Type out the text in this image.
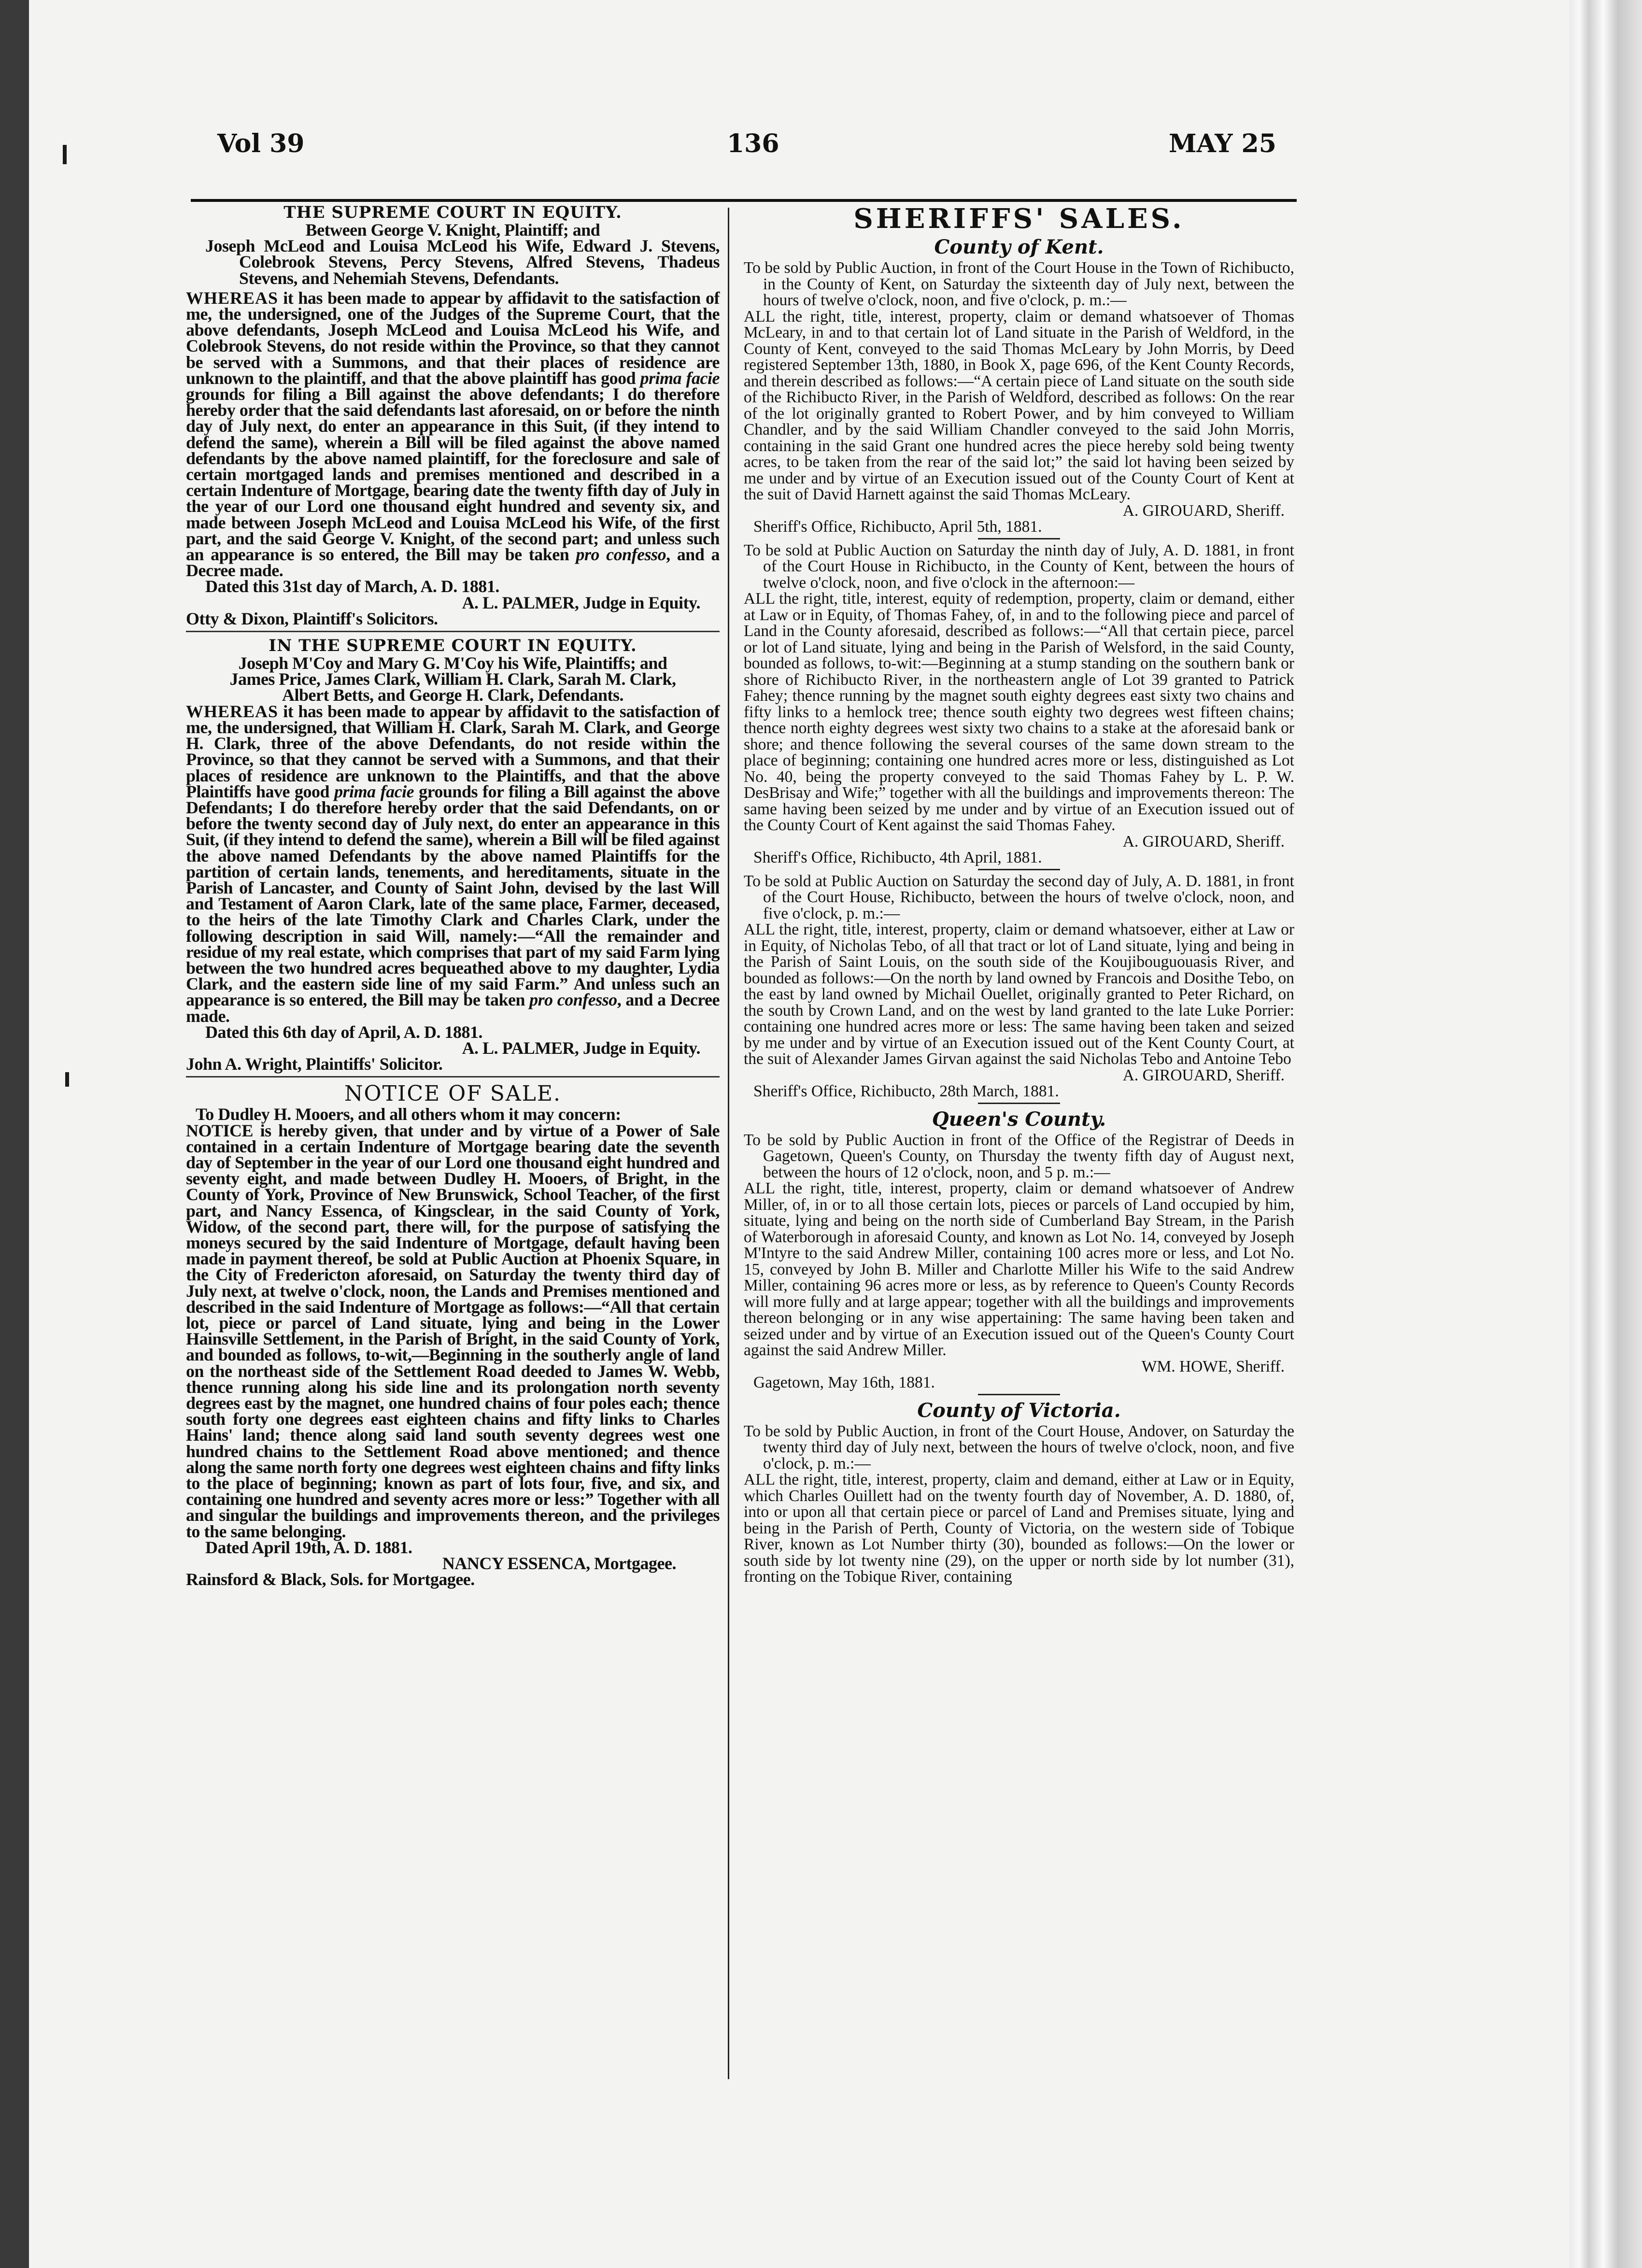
Vol 39	136	MAY 25

THE SUPREME COURT IN EQUITY.

Between George V. Knight, Plaintiff; and

Joseph McLeod and Louisa McLeod his Wife, Edward J. Stevens, Colebrook Stevens, Percy Stevens, Alfred Stevens, Thadeus Stevens, and Nehemiah Stevens, Defendants.

WHEREAS it has been made to appear by affidavit to the satisfaction of me, the undersigned, one of the Judges of the Supreme Court, that the above defendants, Joseph McLeod and Louisa McLeod his Wife, and Colebrook Stevens, do not reside within the Province, so that they cannot be served with a Summons, and that their places of residence are unknown to the plaintiff, and that the above plaintiff has good prima facie grounds for filing a Bill against the above defendants; I do therefore hereby order that the said defendants last aforesaid, on or before the ninth day of July next, do enter an appearance in this Suit, (if they intend to defend the same), wherein a Bill will be filed against the above named defendants by the above named plaintiff, for the foreclosure and sale of certain mortgaged lands and premises mentioned and described in a certain Indenture of Mortgage, bearing date the twenty fifth day of July in the year of our Lord one thousand eight hundred and seventy six, and made between Joseph McLeod and Louisa McLeod his Wife, of the first part, and the said George V. Knight, of the second part; and unless such an appearance is so entered, the Bill may be taken pro confesso, and a Decree made.

Dated this 31st day of March, A. D. 1881.

A. L. PALMER, Judge in Equity.

Otty & Dixon, Plaintiff's Solicitors.

IN THE SUPREME COURT IN EQUITY.

Joseph M'Coy and Mary G. M'Coy his Wife, Plaintiffs; and

James Price, James Clark, William H. Clark, Sarah M. Clark, Albert Betts, and George H. Clark, Defendants.

WHEREAS it has been made to appear by affidavit to the satisfaction of me, the undersigned, that William H. Clark, Sarah M. Clark, and George H. Clark, three of the above Defendants, do not reside within the Province, so that they cannot be served with a Summons, and that their places of residence are unknown to the Plaintiffs, and that the above Plaintiffs have good prima facie grounds for filing a Bill against the above Defendants; I do therefore hereby order that the said Defendants, on or before the twenty second day of July next, do enter an appearance in this Suit, (if they intend to defend the same), wherein a Bill will be filed against the above named Defendants by the above named Plaintiffs for the partition of certain lands, tenements, and hereditaments, situate in the Parish of Lancaster, and County of Saint John, devised by the last Will and Testament of Aaron Clark, late of the same place, Farmer, deceased, to the heirs of the late Timothy Clark and Charles Clark, under the following description in said Will, namely:—“All the remainder and residue of my real estate, which comprises that part of my said Farm lying between the two hundred acres bequeathed above to my daughter, Lydia Clark, and the eastern side line of my said Farm.” And unless such an appearance is so entered, the Bill may be taken pro confesso, and a Decree made.

Dated this 6th day of April, A. D. 1881.

A. L. PALMER, Judge in Equity.

John A. Wright, Plaintiffs' Solicitor.

NOTICE OF SALE.

To Dudley H. Mooers, and all others whom it may concern:

NOTICE is hereby given, that under and by virtue of a Power of Sale contained in a certain Indenture of Mortgage bearing date the seventh day of September in the year of our Lord one thousand eight hundred and seventy eight, and made between Dudley H. Mooers, of Bright, in the County of York, Province of New Brunswick, School Teacher, of the first part, and Nancy Essenca, of Kingsclear, in the said County of York, Widow, of the second part, there will, for the purpose of satisfying the moneys secured by the said Indenture of Mortgage, default having been made in payment thereof, be sold at Public Auction at Phoenix Square, in the City of Fredericton aforesaid, on Saturday the twenty third day of July next, at twelve o'clock, noon, the Lands and Premises mentioned and described in the said Indenture of Mortgage as follows:—“All that certain lot, piece or parcel of Land situate, lying and being in the Lower Hainsville Settlement, in the Parish of Bright, in the said County of York, and bounded as follows, to-wit,—Beginning in the southerly angle of land on the northeast side of the Settlement Road deeded to James W. Webb, thence running along his side line and its prolongation north seventy degrees east by the magnet, one hundred chains of four poles each; thence south forty one degrees east eighteen chains and fifty links to Charles Hains' land; thence along said land south seventy degrees west one hundred chains to the Settlement Road above mentioned; and thence along the same north forty one degrees west eighteen chains and fifty links to the place of beginning; known as part of lots four, five, and six, and containing one hundred and seventy acres more or less:” Together with all and singular the buildings and improvements thereon, and the privileges to the same belonging.

Dated April 19th, A. D. 1881.

NANCY ESSENCA, Mortgagee.

Rainsford & Black, Sols. for Mortgagee.

SHERIFFS' SALES.

County of Kent.

To be sold by Public Auction, in front of the Court House in the Town of Richibucto, in the County of Kent, on Saturday the sixteenth day of July next, between the hours of twelve o'clock, noon, and five o'clock, p. m.:—

ALL the right, title, interest, property, claim or demand whatsoever of Thomas McLeary, in and to that certain lot of Land situate in the Parish of Weldford, in the County of Kent, conveyed to the said Thomas McLeary by John Morris, by Deed registered September 13th, 1880, in Book X, page 696, of the Kent County Records, and therein described as follows:—“A certain piece of Land situate on the south side of the Richibucto River, in the Parish of Weldford, described as follows: On the rear of the lot originally granted to Robert Power, and by him conveyed to William Chandler, and by the said William Chandler conveyed to the said John Morris, containing in the said Grant one hundred acres the piece hereby sold being twenty acres, to be taken from the rear of the said lot;” the said lot having been seized by me under and by virtue of an Execution issued out of the County Court of Kent at the suit of David Harnett against the said Thomas McLeary.

A. GIROUARD, Sheriff.

Sheriff's Office, Richibucto, April 5th, 1881.

To be sold at Public Auction on Saturday the ninth day of July, A. D. 1881, in front of the Court House in Richibucto, in the County of Kent, between the hours of twelve o'clock, noon, and five o'clock in the afternoon:—

ALL the right, title, interest, equity of redemption, property, claim or demand, either at Law or in Equity, of Thomas Fahey, of, in and to the following piece and parcel of Land in the County aforesaid, described as follows:—“All that certain piece, parcel or lot of Land situate, lying and being in the Parish of Welsford, in the said County, bounded as follows, to-wit:—Beginning at a stump standing on the southern bank or shore of Richibucto River, in the northeastern angle of Lot 39 granted to Patrick Fahey; thence running by the magnet south eighty degrees east sixty two chains and fifty links to a hemlock tree; thence south eighty two degrees west fifteen chains; thence north eighty degrees west sixty two chains to a stake at the aforesaid bank or shore; and thence following the several courses of the same down stream to the place of beginning; containing one hundred acres more or less, distinguished as Lot No. 40, being the property conveyed to the said Thomas Fahey by L. P. W. DesBrisay and Wife;” together with all the buildings and improvements thereon: The same having been seized by me under and by virtue of an Execution issued out of the County Court of Kent against the said Thomas Fahey.

A. GIROUARD, Sheriff.

Sheriff's Office, Richibucto, 4th April, 1881.

To be sold at Public Auction on Saturday the second day of July, A. D. 1881, in front of the Court House, Richibucto, between the hours of twelve o'clock, noon, and five o'clock, p. m.:—

ALL the right, title, interest, property, claim or demand whatsoever, either at Law or in Equity, of Nicholas Tebo, of all that tract or lot of Land situate, lying and being in the Parish of Saint Louis, on the south side of the Koujibouguouasis River, and bounded as follows:—On the north by land owned by Francois and Dosithe Tebo, on the east by land owned by Michail Ouellet, originally granted to Peter Richard, on the south by Crown Land, and on the west by land granted to the late Luke Porrier: containing one hundred acres more or less: The same having been taken and seized by me under and by virtue of an Execution issued out of the Kent County Court, at the suit of Alexander James Girvan against the said Nicholas Tebo and Antoine Tebo

A. GIROUARD, Sheriff.

Sheriff's Office, Richibucto, 28th March, 1881.

Queen's County.

To be sold by Public Auction in front of the Office of the Registrar of Deeds in Gagetown, Queen's County, on Thursday the twenty fifth day of August next, between the hours of 12 o'clock, noon, and 5 p. m.:—

ALL the right, title, interest, property, claim or demand whatsoever of Andrew Miller, of, in or to all those certain lots, pieces or parcels of Land occupied by him, situate, lying and being on the north side of Cumberland Bay Stream, in the Parish of Waterborough in aforesaid County, and known as Lot No. 14, conveyed by Joseph M'Intyre to the said Andrew Miller, containing 100 acres more or less, and Lot No. 15, conveyed by John B. Miller and Charlotte Miller his Wife to the said Andrew Miller, containing 96 acres more or less, as by reference to Queen's County Records will more fully and at large appear; together with all the buildings and improvements thereon belonging or in any wise appertaining: The same having been taken and seized under and by virtue of an Execution issued out of the Queen's County Court against the said Andrew Miller.

WM. HOWE, Sheriff.

Gagetown, May 16th, 1881.

County of Victoria.

To be sold by Public Auction, in front of the Court House, Andover, on Saturday the twenty third day of July next, between the hours of twelve o'clock, noon, and five o'clock, p. m.:—

ALL the right, title, interest, property, claim and demand, either at Law or in Equity, which Charles Ouillett had on the twenty fourth day of November, A. D. 1880, of, into or upon all that certain piece or parcel of Land and Premises situate, lying and being in the Parish of Perth, County of Victoria, on the western side of Tobique River, known as Lot Number thirty (30), bounded as follows:—On the lower or south side by lot twenty nine (29), on the upper or north side by lot number (31), fronting on the Tobique River, containing
